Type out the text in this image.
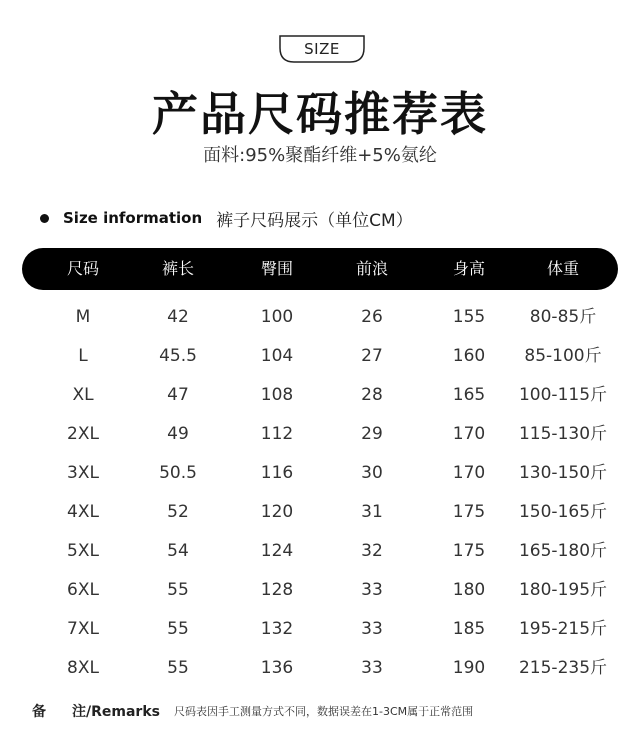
SIZE
产品尺码推荐表
面料:95%聚酯纤维+5%氨纶
Size information 裤子尺码展示（单位CM）
尺码	裤长	臀围	前浪	身高	体重
M	42	100	26	155	80-85斤
L	45.5	104	27	160	85-100斤
XL	47	108	28	165	100-115斤
2XL	49	112	29	170	115-130斤
3XL	50.5	116	30	170	130-150斤
4XL	52	120	31	175	150-165斤
5XL	54	124	32	175	165-180斤
6XL	55	128	33	180	180-195斤
7XL	55	132	33	185	195-215斤
8XL	55	136	33	190	215-235斤
备	注/Remarks 尺码表因手工测量方式不同，数据误差在1-3CM属于正常范围
